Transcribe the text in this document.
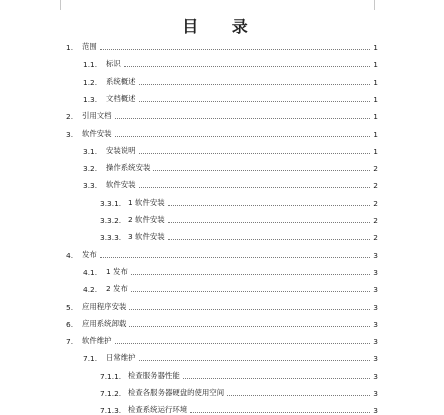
目 录
1.	范围	1
1.1.	标识	1
1.2.	系统概述	1
1.3.	文档概述	1
2.	引用文档	1
3.	软件安装	1
3.1.	安装说明	1
3.2.	操作系统安装	2
3.3.	软件安装	2
3.3.1. 1 软件安装	2
3.3.2. 2 软件安装	2
3.3.3. 3 软件安装	2
4.	发布	3
4.1.	1 发布	3
4.2.	2 发布	3
5.	应用程序安装	3
6.	应用系统卸载	3
7.	软件维护	3
7.1.	日常维护	3
7.1.1. 检查服务器性能	3
7.1.2. 检查各服务器硬盘的使用空间	3
7.1.3. 检查系统运行环境	3
